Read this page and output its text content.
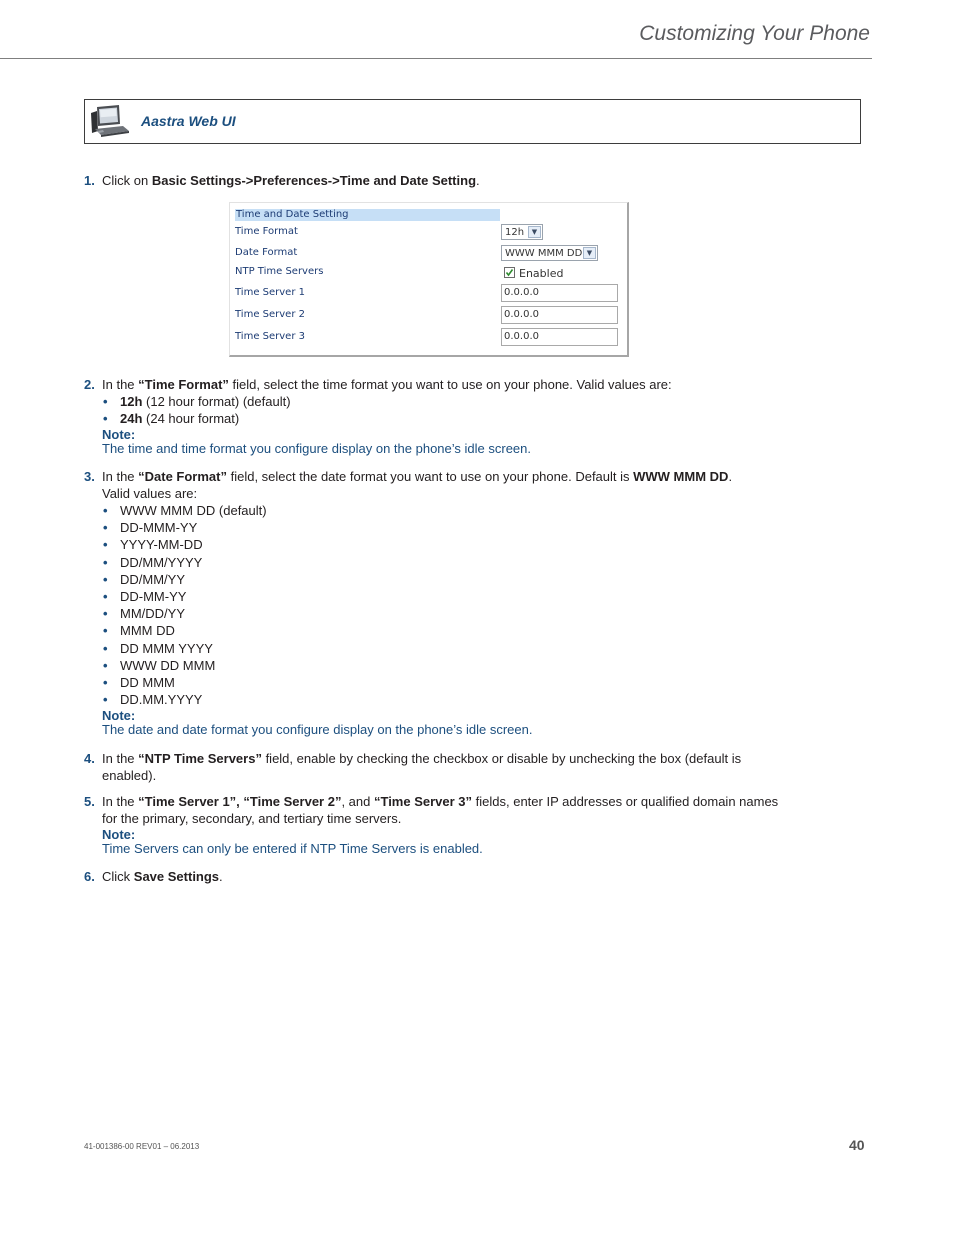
Customizing Your Phone
Aastra Web UI
1. Click on Basic Settings->Preferences->Time and Date Setting.
Time and Date Setting
Time Format	12h	▼
Date Format	WWW MMM DD ▼
NTP Time Servers	Enabled
Time Server 1	0.0.0.0
Time Server 2	0.0.0.0
Time Server 3	0.0.0.0
2. In the “Time Format” field, select the time format you want to use on your phone. Valid values are:
• 12h (12 hour format) (default)
• 24h (24 hour format)
Note:
The time and time format you configure display on the phone’s idle screen.
3. In the “Date Format” field, select the date format you want to use on your phone. Default is WWW MMM DD.
Valid values are:
• WWW MMM DD (default)
• DD-MMM-YY
• YYYY-MM-DD
• DD/MM/YYYY
• DD/MM/YY
• DD-MM-YY
• MM/DD/YY
• MMM DD
• DD MMM YYYY
• WWW DD MMM
• DD MMM
• DD.MM.YYYY
Note:
The date and date format you configure display on the phone’s idle screen.
4. In the “NTP Time Servers” field, enable by checking the checkbox or disable by unchecking the box (default is enabled).
5. In the “Time Server 1”, “Time Server 2”, and “Time Server 3” fields, enter IP addresses or qualified domain names for the primary, secondary, and tertiary time servers.
Note:
Time Servers can only be entered if NTP Time Servers is enabled.
6. Click Save Settings.
41-001386-00 REV01 – 06.2013	40
